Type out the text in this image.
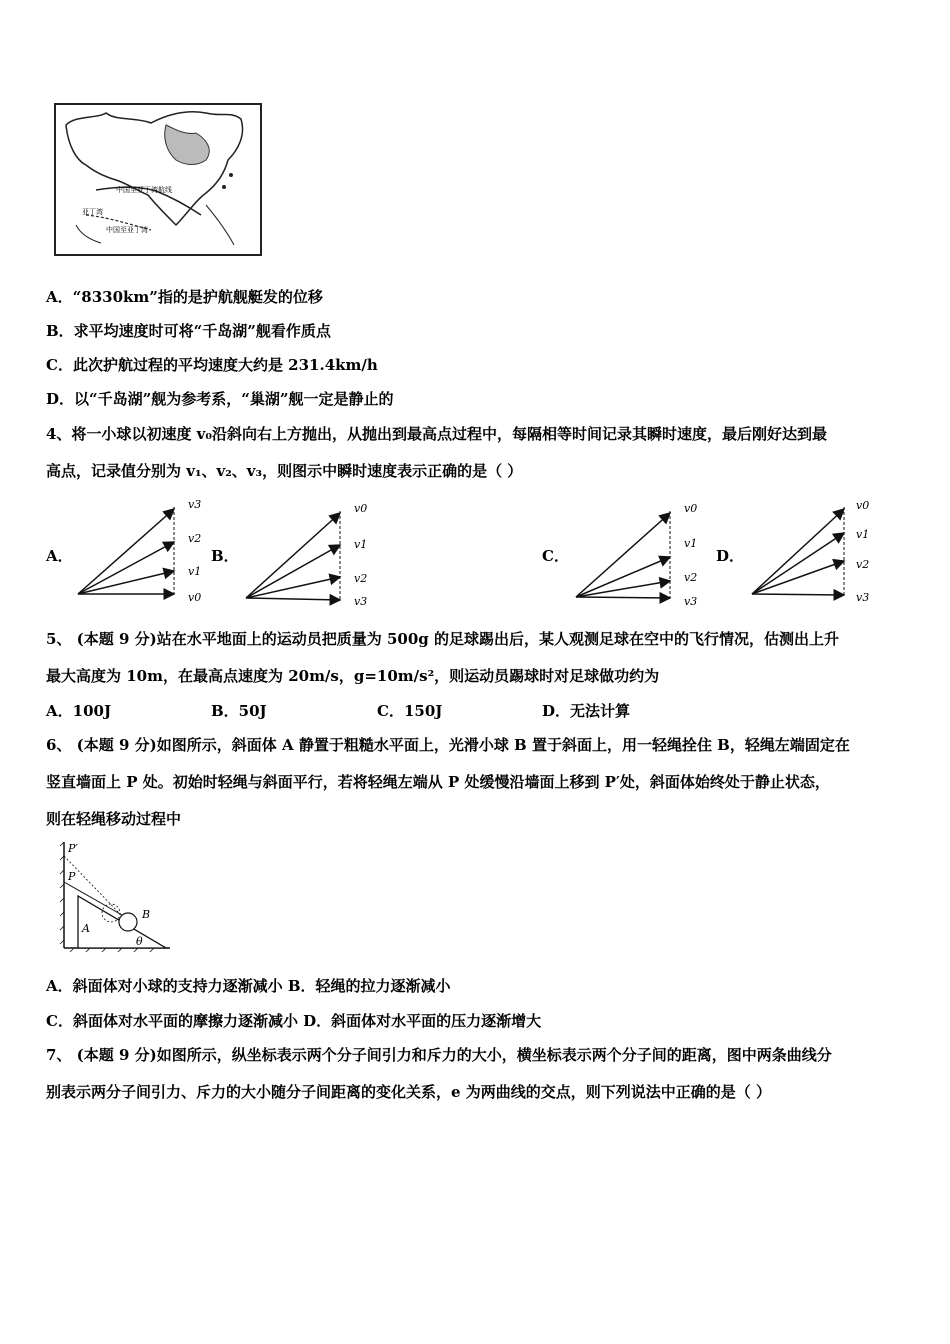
亚丁湾
中国至亚丁湾航线
中国至亚丁湾
A．“8330km”指的是护航舰艇发的位移
B．求平均速度时可将“千岛湖”舰看作质点
C．此次护航过程的平均速度大约是 231.4km/h
D．以“千岛湖”舰为参考系，“巢湖”舰一定是静止的
4、将一小球以初速度 v₀沿斜向右上方抛出，从抛出到最高点过程中，每隔相等时间记录其瞬时速度，最后刚好达到最
高点，记录值分别为 v₁、v₂、v₃，则图示中瞬时速度表示正确的是（ ）
A．	B．	C．	D．
v3
v2
v1
v0
v0
v1
v2
v3
v0
v1
v2
v3
v0
v1
v2
v3
5、 (本题 9 分)站在水平地面上的运动员把质量为 500g 的足球踢出后，某人观测足球在空中的飞行情况，估测出上升
最大高度为 10m，在最高点速度为 20m/s，g=10m/s²，则运动员踢球时对足球做功约为
A．100J	B．50J	C．150J	D．无法计算
6、 (本题 9 分)如图所示，斜面体 A 静置于粗糙水平面上，光滑小球 B 置于斜面上，用一轻绳拴住 B，轻绳左端固定在
竖直墙面上 P 处。初始时轻绳与斜面平行，若将轻绳左端从 P 处缓慢沿墙面上移到 P′处，斜面体始终处于静止状态，
则在轻绳移动过程中
P′
P
B
A
θ
A．斜面体对小球的支持力逐渐减小 B．轻绳的拉力逐渐减小
C．斜面体对水平面的摩擦力逐渐减小 D．斜面体对水平面的压力逐渐增大
7、 (本题 9 分)如图所示，纵坐标表示两个分子间引力和斥力的大小，横坐标表示两个分子间的距离，图中两条曲线分
别表示两分子间引力、斥力的大小随分子间距离的变化关系，e 为两曲线的交点，则下列说法中正确的是（ ）
